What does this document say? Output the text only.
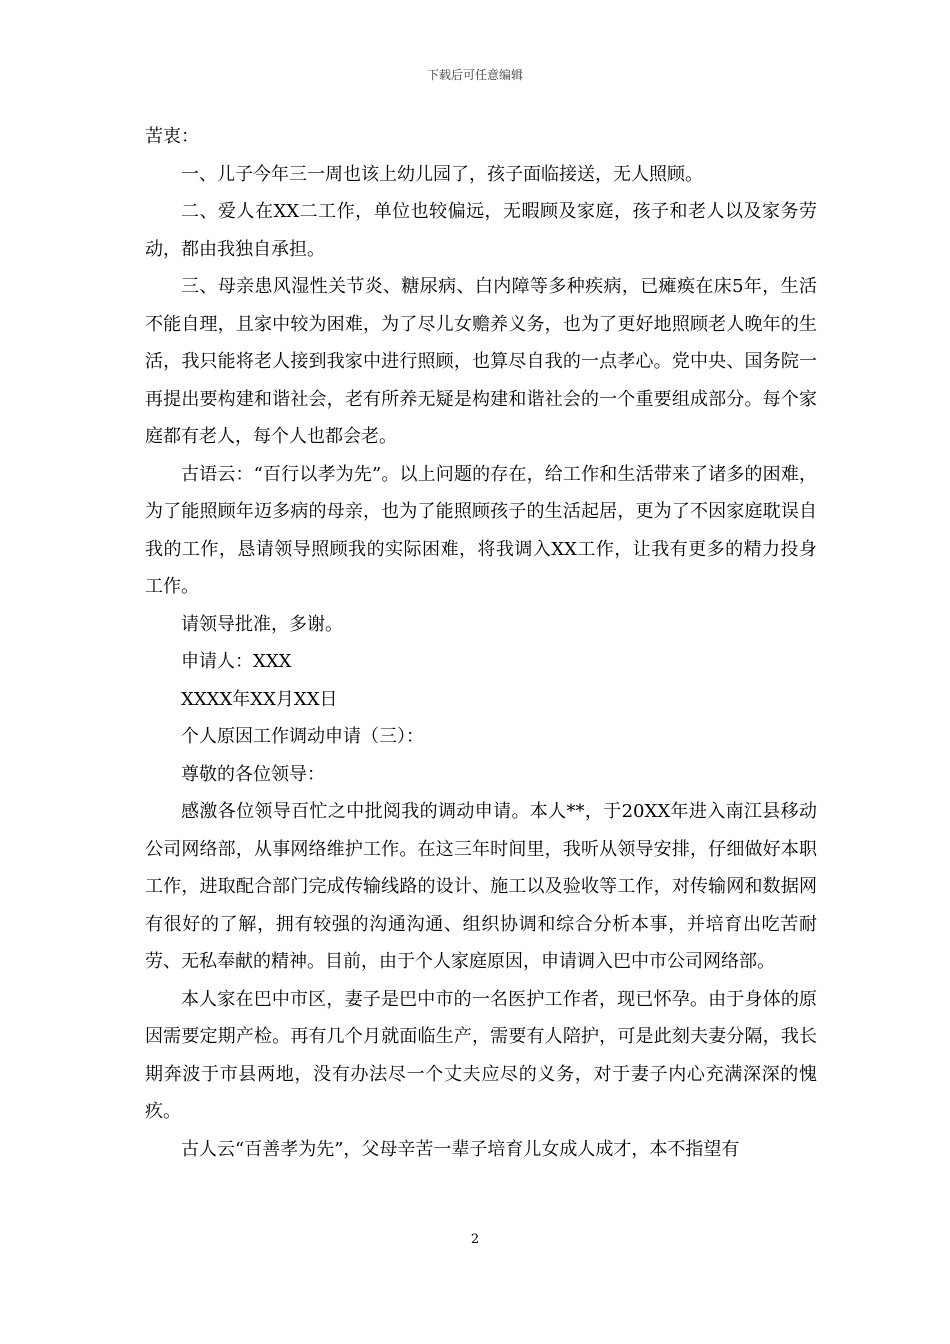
下载后可任意编辑

苦衷：

一、儿子今年三一周也该上幼儿园了，孩子面临接送，无人照顾。

二、爱人在XX二工作，单位也较偏远，无暇顾及家庭，孩子和老人以及家务劳动，都由我独自承担。

三、母亲患风湿性关节炎、糖尿病、白内障等多种疾病，已瘫痪在床5年，生活不能自理，且家中较为困难，为了尽儿女赡养义务，也为了更好地照顾老人晚年的生活，我只能将老人接到我家中进行照顾，也算尽自我的一点孝心。党中央、国务院一再提出要构建和谐社会，老有所养无疑是构建和谐社会的一个重要组成部分。每个家庭都有老人，每个人也都会老。

古语云：“百行以孝为先”。以上问题的存在，给工作和生活带来了诸多的困难，为了能照顾年迈多病的母亲，也为了能照顾孩子的生活起居，更为了不因家庭耽误自我的工作，恳请领导照顾我的实际困难，将我调入XX工作，让我有更多的精力投身工作。

请领导批准，多谢。

申请人：XXX

XXXX年XX月XX日

个人原因工作调动申请（三）：

尊敬的各位领导：

感激各位领导百忙之中批阅我的调动申请。本人**，于20XX年进入南江县移动公司网络部，从事网络维护工作。在这三年时间里，我听从领导安排，仔细做好本职工作，进取配合部门完成传输线路的设计、施工以及验收等工作，对传输网和数据网有很好的了解，拥有较强的沟通沟通、组织协调和综合分析本事，并培育出吃苦耐劳、无私奉献的精神。目前，由于个人家庭原因，申请调入巴中市公司网络部。

本人家在巴中市区，妻子是巴中市的一名医护工作者，现已怀孕。由于身体的原因需要定期产检。再有几个月就面临生产，需要有人陪护，可是此刻夫妻分隔，我长期奔波于市县两地，没有办法尽一个丈夫应尽的义务，对于妻子内心充满深深的愧疚。

古人云“百善孝为先”，父母辛苦一辈子培育儿女成人成才，本不指望有

2
